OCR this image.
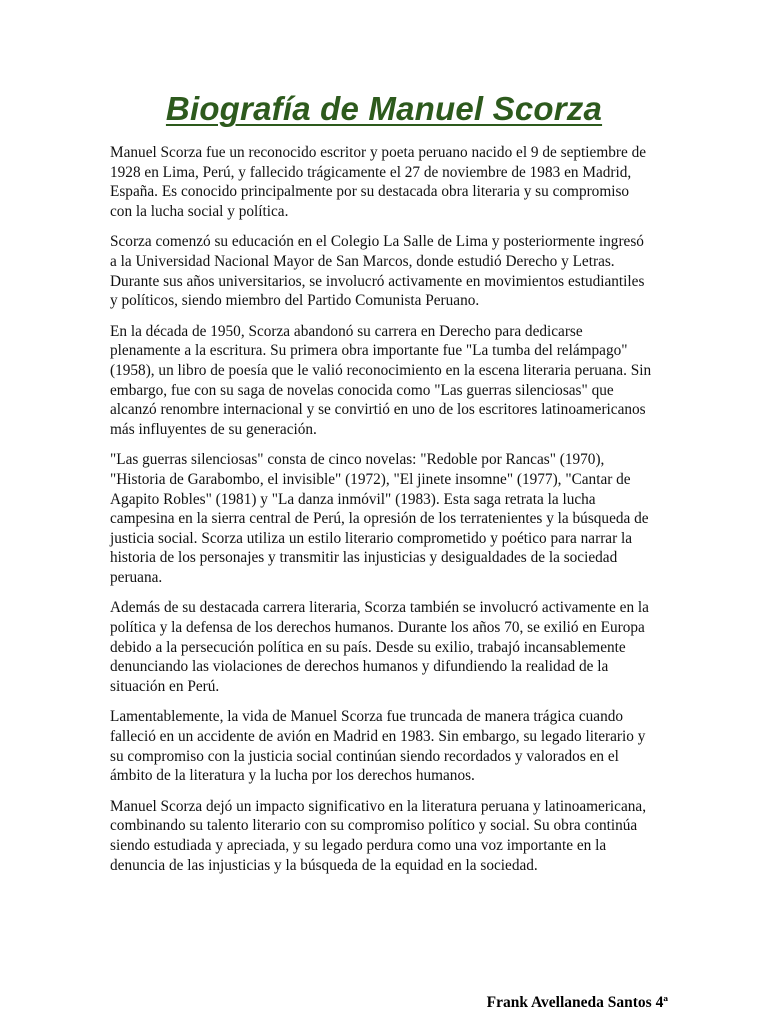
Biografía de Manuel Scorza

Manuel Scorza fue un reconocido escritor y poeta peruano nacido el 9 de septiembre de 1928 en Lima, Perú, y fallecido trágicamente el 27 de noviembre de 1983 en Madrid, España. Es conocido principalmente por su destacada obra literaria y su compromiso con la lucha social y política.

Scorza comenzó su educación en el Colegio La Salle de Lima y posteriormente ingresó a la Universidad Nacional Mayor de San Marcos, donde estudió Derecho y Letras. Durante sus años universitarios, se involucró activamente en movimientos estudiantiles y políticos, siendo miembro del Partido Comunista Peruano.

En la década de 1950, Scorza abandonó su carrera en Derecho para dedicarse plenamente a la escritura. Su primera obra importante fue "La tumba del relámpago" (1958), un libro de poesía que le valió reconocimiento en la escena literaria peruana. Sin embargo, fue con su saga de novelas conocida como "Las guerras silenciosas" que alcanzó renombre internacional y se convirtió en uno de los escritores latinoamericanos más influyentes de su generación.

"Las guerras silenciosas" consta de cinco novelas: "Redoble por Rancas" (1970), "Historia de Garabombo, el invisible" (1972), "El jinete insomne" (1977), "Cantar de Agapito Robles" (1981) y "La danza inmóvil" (1983). Esta saga retrata la lucha campesina en la sierra central de Perú, la opresión de los terratenientes y la búsqueda de justicia social. Scorza utiliza un estilo literario comprometido y poético para narrar la historia de los personajes y transmitir las injusticias y desigualdades de la sociedad peruana.

Además de su destacada carrera literaria, Scorza también se involucró activamente en la política y la defensa de los derechos humanos. Durante los años 70, se exilió en Europa debido a la persecución política en su país. Desde su exilio, trabajó incansablemente denunciando las violaciones de derechos humanos y difundiendo la realidad de la situación en Perú.

Lamentablemente, la vida de Manuel Scorza fue truncada de manera trágica cuando falleció en un accidente de avión en Madrid en 1983. Sin embargo, su legado literario y su compromiso con la justicia social continúan siendo recordados y valorados en el ámbito de la literatura y la lucha por los derechos humanos.

Manuel Scorza dejó un impacto significativo en la literatura peruana y latinoamericana, combinando su talento literario con su compromiso político y social. Su obra continúa siendo estudiada y apreciada, y su legado perdura como una voz importante en la denuncia de las injusticias y la búsqueda de la equidad en la sociedad.

Frank Avellaneda Santos 4ª
